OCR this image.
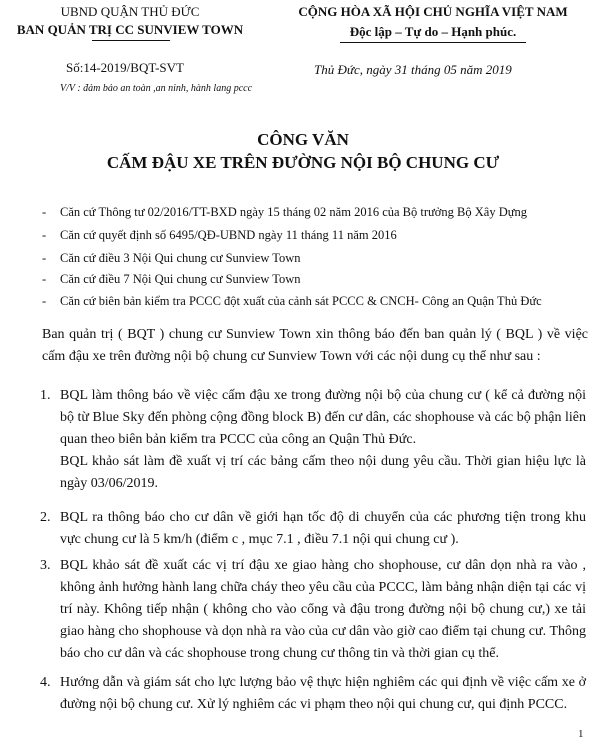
UBND QUẬN THỦ ĐỨC
BAN QUẢN TRỊ CC SUNVIEW TOWN
Số:14-2019/BQT-SVT
V/V : đảm bảo an toàn ,an ninh, hành lang pccc
CỘNG HÒA XÃ HỘI CHỦ NGHĨA VIỆT NAM
Độc lập – Tự do – Hạnh phúc.
Thủ Đức, ngày 31 tháng 05 năm 2019
CÔNG VĂN
CẤM ĐẬU XE TRÊN ĐƯỜNG NỘI BỘ CHUNG CƯ
- Căn cứ Thông tư 02/2016/TT-BXD ngày 15 tháng 02 năm 2016 của Bộ trưởng Bộ Xây Dựng
- Căn cứ quyết định số 6495/QĐ-UBND ngày 11 tháng 11 năm 2016
- Căn cứ điều 3 Nội Qui chung cư Sunview Town
- Căn cứ điều 7 Nội Qui chung cư Sunview Town
- Căn cứ biên bản kiểm tra PCCC đột xuất của cảnh sát PCCC & CNCH- Công an Quận Thủ Đức
Ban quản trị ( BQT ) chung cư Sunview Town xin thông báo đến ban quản lý ( BQL ) về việc cấm đậu xe trên đường nội bộ chung cư Sunview Town với các nội dung cụ thể như sau :
1. BQL làm thông báo về việc cấm đậu xe trong đường nội bộ của chung cư ( kể cả đường nội bộ từ Blue Sky đến phòng cộng đồng block B) đến cư dân, các shophouse và các bộ phận liên quan theo biên bản kiểm tra PCCC của công an Quận Thủ Đức.

BQL khảo sát làm đề xuất vị trí các bảng cấm theo nội dung yêu cầu. Thời gian hiệu lực là ngày 03/06/2019.

2. BQL ra thông báo cho cư dân về giới hạn tốc độ di chuyển của các phương tiện trong khu vực chung cư là 5 km/h (điểm c , mục 7.1 , điều 7.1 nội qui chung cư ).

3. BQL khảo sát đề xuất các vị trí đậu xe giao hàng cho shophouse, cư dân dọn nhà ra vào , không ảnh hưởng hành lang chữa cháy theo yêu cầu của PCCC, làm bảng nhận diện tại các vị trí này. Không tiếp nhận ( không cho vào cổng và đậu trong đường nội bộ chung cư,) xe tải giao hàng cho shophouse và dọn nhà ra vào của cư dân vào giờ cao điểm tại chung cư. Thông báo cho cư dân và các shophouse trong chung cư thông tin và thời gian cụ thể.

4. Hướng dẫn và giám sát cho lực lượng bảo vệ thực hiện nghiêm các qui định về việc cấm xe ở đường nội bộ chung cư. Xử lý nghiêm các vi phạm theo nội qui chung cư, qui định PCCC.

1
